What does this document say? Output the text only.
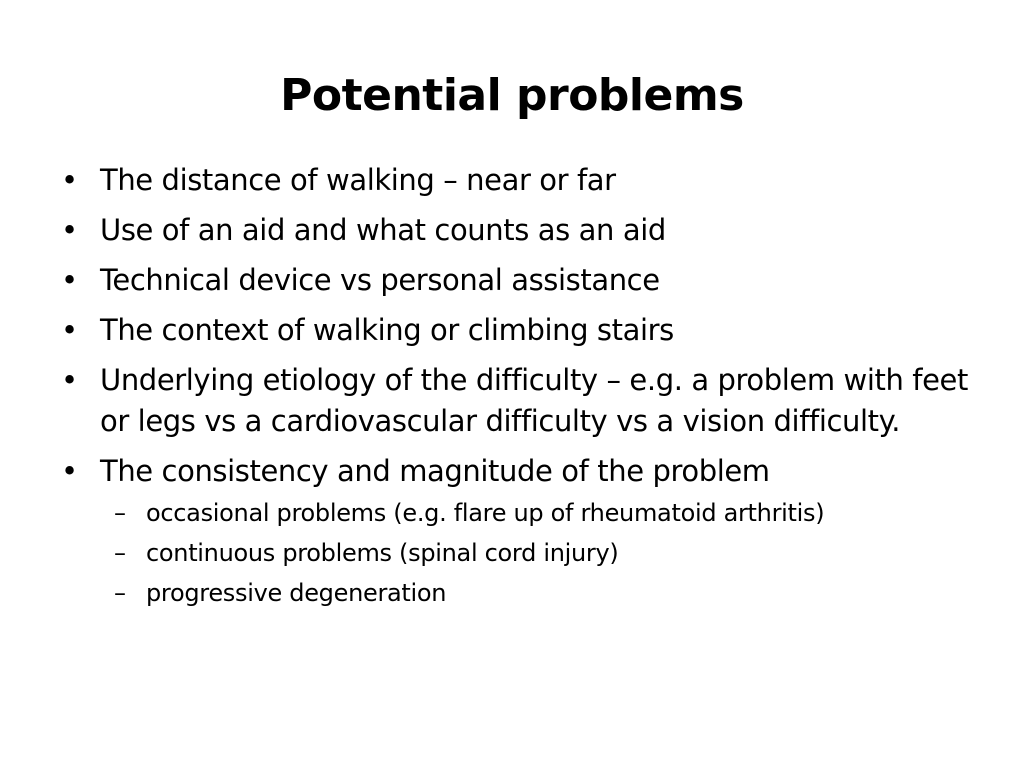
Potential problems
• The distance of walking – near or far
• Use of an aid and what counts as an aid
• Technical device vs personal assistance
• The context of walking or climbing stairs
• Underlying etiology of the difficulty – e.g. a problem with feet or legs vs a cardiovascular difficulty vs a vision difficulty.
• The consistency and magnitude of the problem
– occasional problems (e.g. flare up of rheumatoid arthritis)
– continuous problems (spinal cord injury)
– progressive degeneration
